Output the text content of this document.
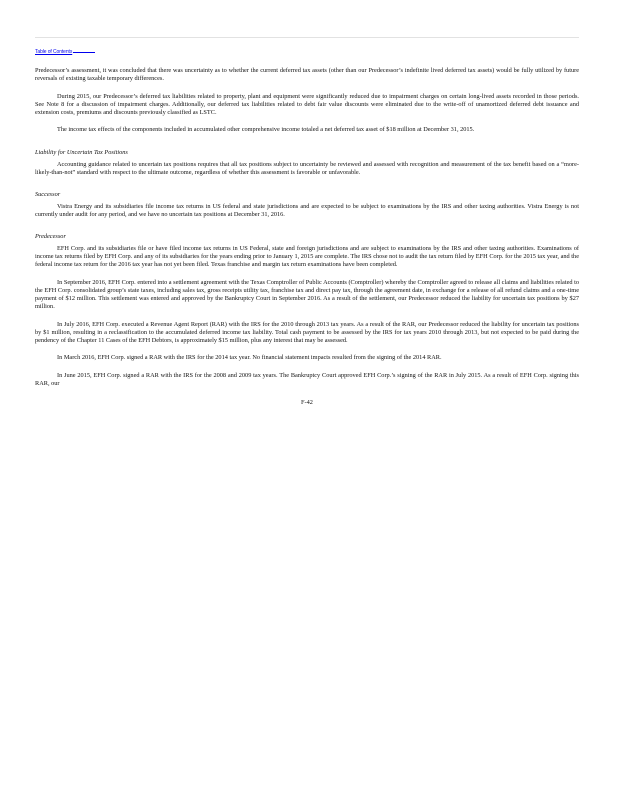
Table of Contents

Predecessor’s assessment, it was concluded that there was uncertainty as to whether the current deferred tax assets (other than our Predecessor’s indefinite lived deferred tax assets) would be fully utilized by future reversals of existing taxable temporary differences.

During 2015, our Predecessor’s deferred tax liabilities related to property, plant and equipment were significantly reduced due to impairment charges on certain long-lived assets recorded in those periods. See Note 8 for a discussion of impairment charges. Additionally, our deferred tax liabilities related to debt fair value discounts were eliminated due to the write-off of unamortized deferred debt issuance and extension costs, premiums and discounts previously classified as LSTC.

The income tax effects of the components included in accumulated other comprehensive income totaled a net deferred tax asset of $18 million at December 31, 2015.

Liability for Uncertain Tax Positions

Accounting guidance related to uncertain tax positions requires that all tax positions subject to uncertainty be reviewed and assessed with recognition and measurement of the tax benefit based on a “more-likely-than-not” standard with respect to the ultimate outcome, regardless of whether this assessment is favorable or unfavorable.

Successor

Vistra Energy and its subsidiaries file income tax returns in US federal and state jurisdictions and are expected to be subject to examinations by the IRS and other taxing authorities. Vistra Energy is not currently under audit for any period, and we have no uncertain tax positions at December 31, 2016.

Predecessor

EFH Corp. and its subsidiaries file or have filed income tax returns in US Federal, state and foreign jurisdictions and are subject to examinations by the IRS and other taxing authorities. Examinations of income tax returns filed by EFH Corp. and any of its subsidiaries for the years ending prior to January 1, 2015 are complete. The IRS chose not to audit the tax return filed by EFH Corp. for the 2015 tax year, and the federal income tax return for the 2016 tax year has not yet been filed. Texas franchise and margin tax return examinations have been completed.

In September 2016, EFH Corp. entered into a settlement agreement with the Texas Comptroller of Public Accounts (Comptroller) whereby the Comptroller agreed to release all claims and liabilities related to the EFH Corp. consolidated group’s state taxes, including sales tax, gross receipts utility tax, franchise tax and direct pay tax, through the agreement date, in exchange for a release of all refund claims and a one-time payment of $12 million. This settlement was entered and approved by the Bankruptcy Court in September 2016. As a result of the settlement, our Predecessor reduced the liability for uncertain tax positions by $27 million.

In July 2016, EFH Corp. executed a Revenue Agent Report (RAR) with the IRS for the 2010 through 2013 tax years. As a result of the RAR, our Predecessor reduced the liability for uncertain tax positions by $1 million, resulting in a reclassification to the accumulated deferred income tax liability. Total cash payment to be assessed by the IRS for tax years 2010 through 2013, but not expected to be paid during the pendency of the Chapter 11 Cases of the EFH Debtors, is approximately $15 million, plus any interest that may be assessed.

In March 2016, EFH Corp. signed a RAR with the IRS for the 2014 tax year. No financial statement impacts resulted from the signing of the 2014 RAR.

In June 2015, EFH Corp. signed a RAR with the IRS for the 2008 and 2009 tax years. The Bankruptcy Court approved EFH Corp.’s signing of the RAR in July 2015. As a result of EFH Corp. signing this RAR, our

F-42
